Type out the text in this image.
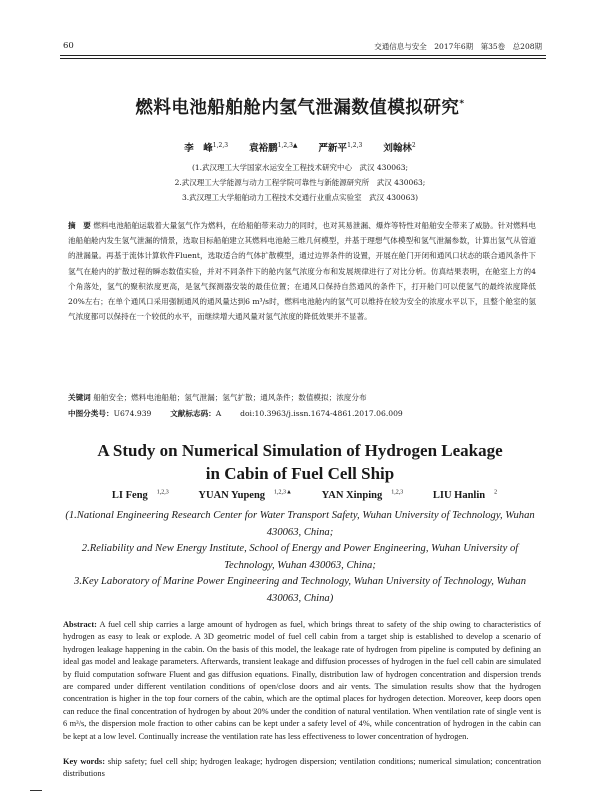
60	交通信息与安全　2017年6期　第35卷　总208期
燃料电池船舶舱内氢气泄漏数值模拟研究*
李　峰$^{1,2,3}$ 袁裕鹏$^{1,2,3▲}$ 严新平$^{1,2,3}$ 刘翰林$^2$
(1.武汉理工大学国家水运安全工程技术研究中心　武汉 430063;
2.武汉理工大学能源与动力工程学院可靠性与新能源研究所　武汉 430063;
3.武汉理工大学船舶动力工程技术交通行业重点实验室　武汉 430063)
摘　要 燃料电池船舶运载着大量氢气作为燃料，在给船舶带来动力的同时，也对其易泄漏、爆炸等特性对船舶安全带来了威胁。针对燃料电池船舶舱内发生氢气泄漏的情景，选取目标船舶建立其燃料电池舱三维几何模型，并基于理想气体模型和氢气泄漏参数，计算出氢气从管道的泄漏量。再基于流体计算软件Fluent，选取适合的气体扩散模型，通过边界条件的设置，开展在舱门开闭和通风口状态的联合通风条件下氢气在舱内的扩散过程的瞬态数值实验，并对不同条件下的舱内氢气浓度分布和发展规律进行了对比分析。仿真结果表明，在舱室上方的4个角落处，氢气的聚积浓度更高，是氢气探测器安装的最佳位置；在通风口保持自然通风的条件下，打开舱门可以使氢气的最终浓度降低20%左右；在单个通风口采用强制通风的通风量达到6 m³/s时，燃料电池舱内的氢气可以维持在较为安全的浓度水平以下，且整个舱室的氢气浓度都可以保持在一个较低的水平，而继续增大通风量对氢气浓度的降低效果并不显著。
关键词 船舶安全；燃料电池船舶；氢气泄漏；氢气扩散；通风条件；数值模拟；浓度分布
中图分类号：U674.939 文献标志码：A doi:10.3963/j.issn.1674-4861.2017.06.009
A Study on Numerical Simulation of Hydrogen Leakage
in Cabin of Fuel Cell Ship
LI Feng $^{1,2,3}$	YUAN Yupeng $^{1,2,3▲}$	YAN Xinping $^{1,2,3}$	LIU Hanlin $^2$
(1.National Engineering Research Center for Water Transport Safety, Wuhan University of Technology, Wuhan 430063, China;
2.Reliability and New Energy Institute, School of Energy and Power Engineering, Wuhan University of Technology, Wuhan 430063, China;
3.Key Laboratory of Marine Power Engineering and Technology, Wuhan University of Technology, Wuhan 430063, China)
Abstract: A fuel cell ship carries a large amount of hydrogen as fuel, which brings threat to safety of the ship owing to characteristics of hydrogen as easy to leak or explode. A 3D geometric model of fuel cell cabin from a target ship is established to develop a scenario of hydrogen leakage happening in the cabin. On the basis of this model, the leakage rate of hydrogen from pipeline is computed by defining an ideal gas model and leakage parameters. Afterwards, transient leakage and diffusion processes of hydrogen in the fuel cell cabin are simulated by fluid computation software Fluent and gas diffusion equations. Finally, distribution law of hydrogen concentration and dispersion trends are compared under different ventilation conditions of open/close doors and air vents. The simulation results show that the hydrogen concentration is higher in the top four corners of the cabin, which are the optimal places for hydrogen detection. Moreover, keep doors open can reduce the final concentration of hydrogen by about 20% under the condition of natural ventilation. When ventilation rate of single vent is 6 m³/s, the dispersion mole fraction to other cabins can be kept under a safety level of 4%, while concentration of hydrogen in the cabin can be kept at a low level. Continually increase the ventilation rate has less effectiveness to lower concentration of hydrogen.
Key words: ship safety; fuel cell ship; hydrogen leakage; hydrogen dispersion; ventilation conditions; numerical simulation; concentration distributions
